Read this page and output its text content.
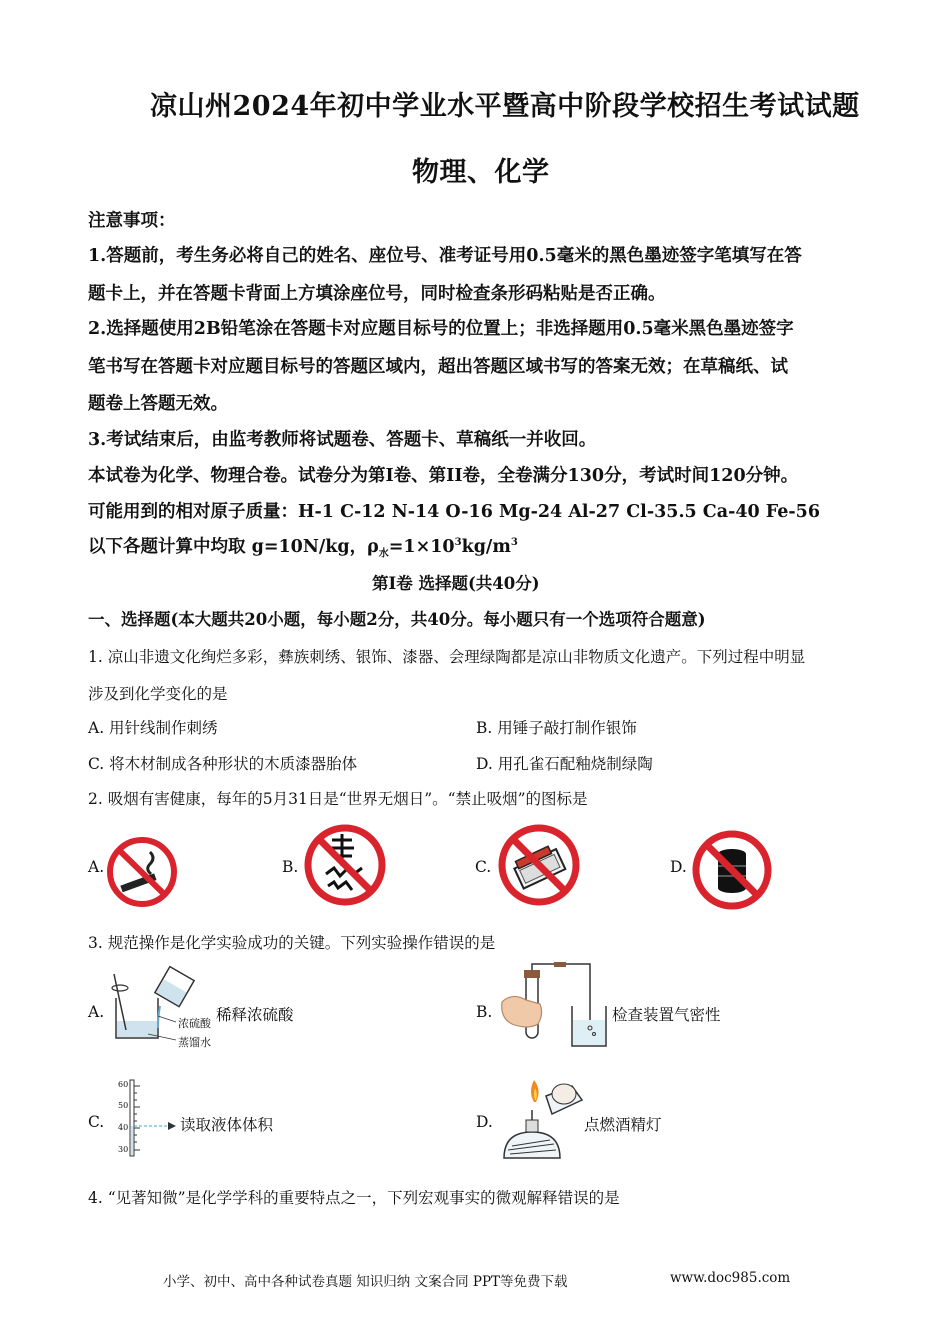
凉山州2024年初中学业水平暨高中阶段学校招生考试试题
物理、化学
注意事项：
1.答题前，考生务必将自己的姓名、座位号、准考证号用0.5毫米的黑色墨迹签字笔填写在答
题卡上，并在答题卡背面上方填涂座位号，同时检查条形码粘贴是否正确。
2.选择题使用2B铅笔涂在答题卡对应题目标号的位置上；非选择题用0.5毫米黑色墨迹签字
笔书写在答题卡对应题目标号的答题区域内，超出答题区域书写的答案无效；在草稿纸、试
题卷上答题无效。
3.考试结束后，由监考教师将试题卷、答题卡、草稿纸一并收回。
本试卷为化学、物理合卷。试卷分为第I卷、第II卷，全卷满分130分，考试时间120分钟。
可能用到的相对原子质量：H-1 C-12 N-14 O-16 Mg-24 Al-27 Cl-35.5 Ca-40 Fe-56
以下各题计算中均取 g=10N/kg，$\rho_水=1\times 10^3kg/m^3$
第I卷 选择题(共40分)
一、选择题(本大题共20小题，每小题2分，共40分。每小题只有一个选项符合题意)
1. 凉山非遗文化绚烂多彩，彝族刺绣、银饰、漆器、会理绿陶都是凉山非物质文化遗产。下列过程中明显
涉及到化学变化的是
A. 用针线制作刺绣	B. 用锤子敲打制作银饰
C. 将木材制成各种形状的木质漆器胎体	D. 用孔雀石配釉烧制绿陶
2. 吸烟有害健康，每年的5月31日是“世界无烟日”。“禁止吸烟”的图标是
A.	B.	C.	D.
3. 规范操作是化学实验成功的关键。下列实验操作错误的是
A.
浓硫酸
蒸馏水
稀释浓硫酸	B.	检查装置气密性
C.
60
50
40
30
读取液体体积	D.	点燃酒精灯
4. “见著知微”是化学学科的重要特点之一，下列宏观事实的微观解释错误的是
小学、初中、高中各种试卷真题 知识归纳 文案合同 PPT等免费下载	www.doc985.com
